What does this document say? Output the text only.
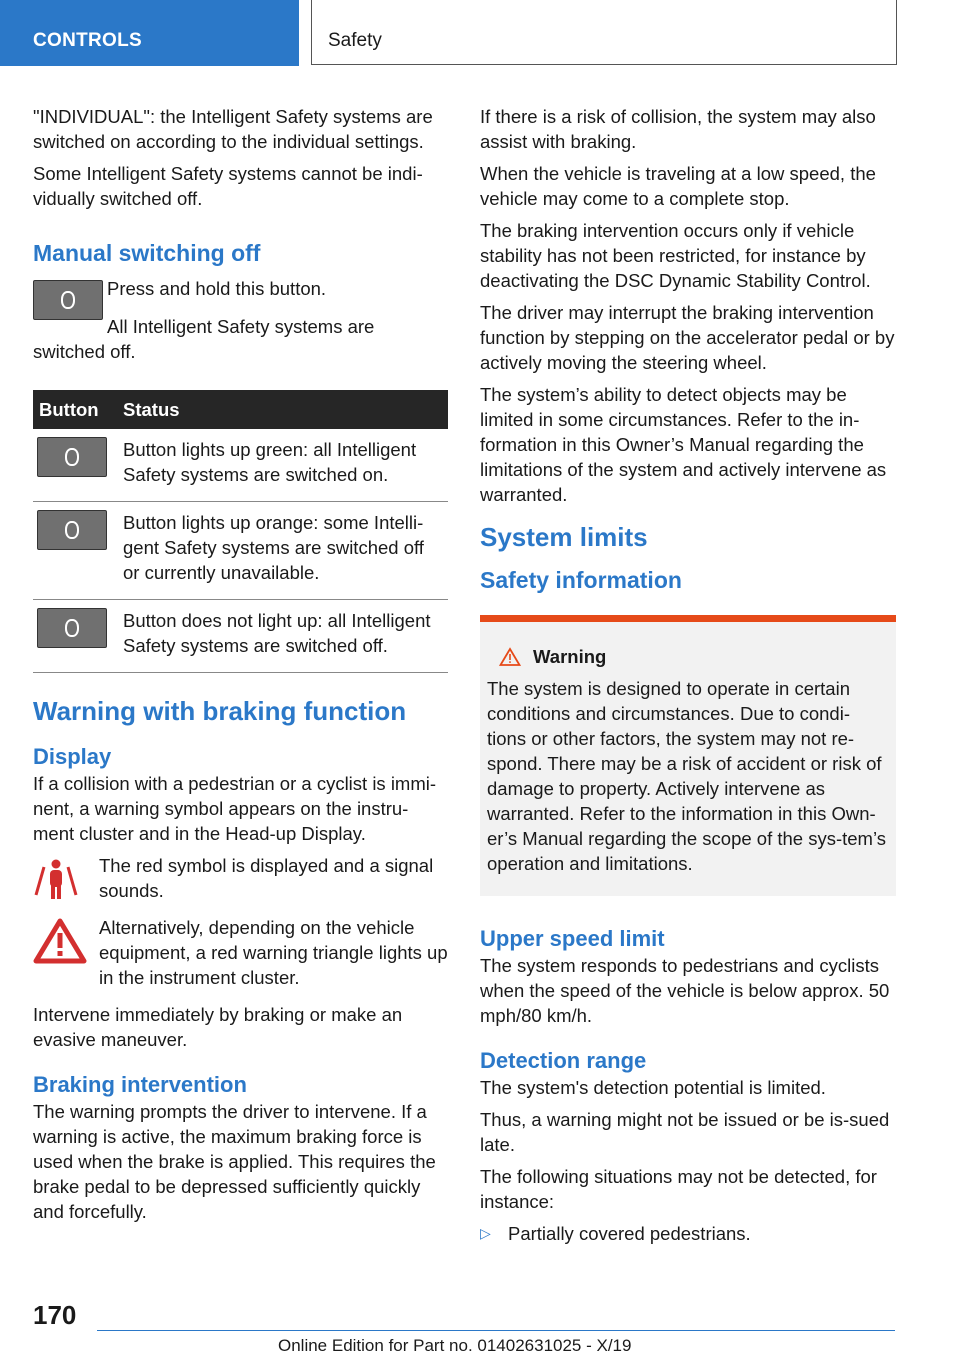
CONTROLS	Safety

"INDIVIDUAL": the Intelligent Safety systems are switched on according to the individual settings.

Some Intelligent Safety systems cannot be indi‐vidually switched off.

Manual switching off

Press and hold this button.

All Intelligent Safety systems are switched off.

Button	Status
	Button lights up green: all Intelligent Safety systems are switched on.
	Button lights up orange: some Intelli‐gent Safety systems are switched off or currently unavailable.
	Button does not light up: all Intelligent Safety systems are switched off.
Warning with braking function
Display

If a collision with a pedestrian or a cyclist is immi‐nent, a warning symbol appears on the instru‐ment cluster and in the Head-up Display.

The red symbol is displayed and a signal sounds.

Alternatively, depending on the vehicle equipment, a red warning triangle lights up in the instrument cluster.

Intervene immediately by braking or make an evasive maneuver.

Braking intervention

The warning prompts the driver to intervene. If a warning is active, the maximum braking force is used when the brake is applied. This requires the brake pedal to be depressed sufficiently quickly and forcefully.

If there is a risk of collision, the system may also assist with braking.

When the vehicle is traveling at a low speed, the vehicle may come to a complete stop.

The braking intervention occurs only if vehicle stability has not been restricted, for instance by deactivating the DSC Dynamic Stability Control.

The driver may interrupt the braking intervention function by stepping on the accelerator pedal or by actively moving the steering wheel.

The system’s ability to detect objects may be limited in some circumstances. Refer to the in‐formation in this Owner’s Manual regarding the limitations of the system and actively intervene as warranted.

System limits
Safety information
Warning
The system is designed to operate in certain conditions and circumstances. Due to condi‐tions or other factors, the system may not re‐spond. There may be a risk of accident or risk of damage to property. Actively intervene as warranted. Refer to the information in this Own‐er’s Manual regarding the scope of the sys‐tem’s operation and limitations.
Upper speed limit

The system responds to pedestrians and cyclists when the speed of the vehicle is below approx. 50 mph/80 km/h.

Detection range

The system's detection potential is limited.

Thus, a warning might not be issued or be is‐sued late.

The following situations may not be detected, for instance:

▷ Partially covered pedestrians.
170
Online Edition for Part no. 01402631025 - X/19
